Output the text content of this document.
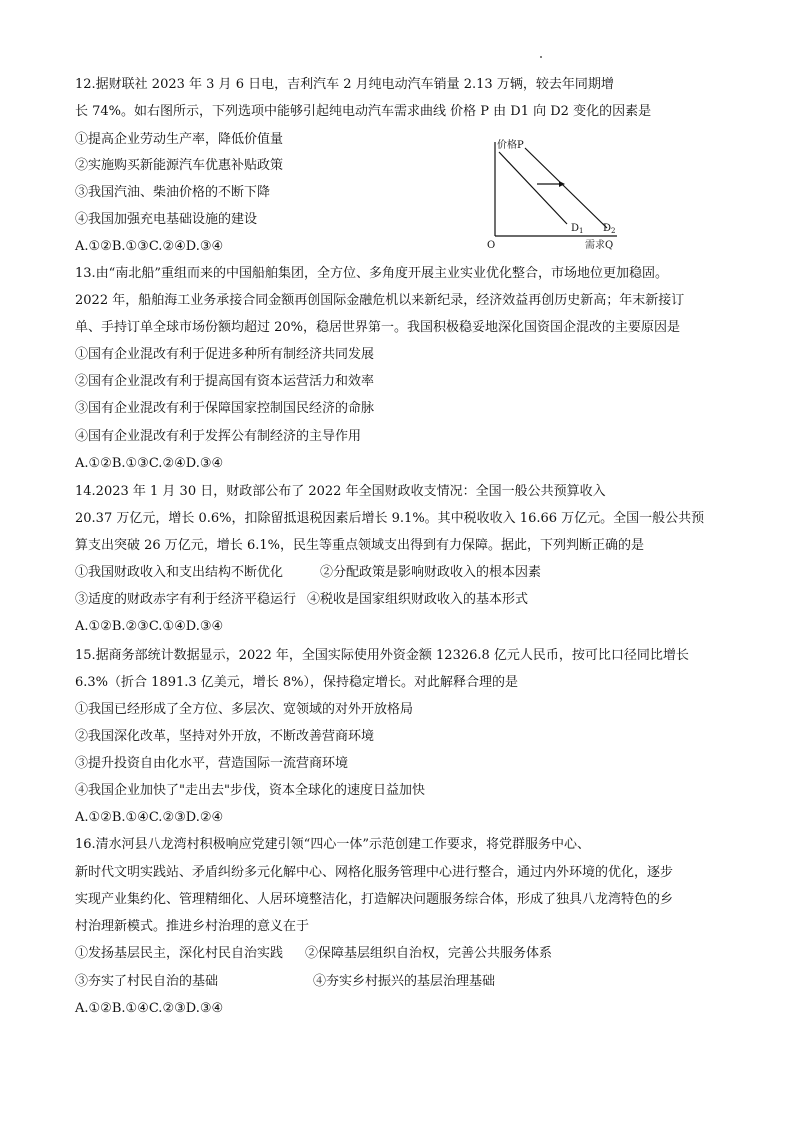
12.据财联社 2023 年 3 月 6 日电，吉利汽车 2 月纯电动汽车销量 2.13 万辆，较去年同期增
长 74%。如右图所示，下列选项中能够引起纯电动汽车需求曲线 价格 P 由 D1 向 D2 变化的因素是
①提高企业劳动生产率，降低价值量
②实施购买新能源汽车优惠补贴政策
③我国汽油、柴油价格的不断下降
④我国加强充电基础设施的建设
A.①②B.①③C.②④D.③④
价格P
O	需求Q
$D_1$ $D_2$
13.由“南北船”重组而来的中国船舶集团，全方位、多角度开展主业实业优化整合，市场地位更加稳固。
2022 年，船舶海工业务承接合同金额再创国际金融危机以来新纪录，经济效益再创历史新高；年末新接订
单、手持订单全球市场份额均超过 20%，稳居世界第一。我国积极稳妥地深化国资国企混改的主要原因是
①国有企业混改有利于促进多种所有制经济共同发展
②国有企业混改有利于提高国有资本运营活力和效率
③国有企业混改有利于保障国家控制国民经济的命脉
④国有企业混改有利于发挥公有制经济的主导作用
A.①②B.①③C.②④D.③④
14.2023 年 1 月 30 日，财政部公布了 2022 年全国财政收支情况：全国一般公共预算收入
20.37 万亿元，增长 0.6%，扣除留抵退税因素后增长 9.1%。其中税收收入 16.66 万亿元。全国一般公共预
算支出突破 26 万亿元，增长 6.1%，民生等重点领域支出得到有力保障。据此，下列判断正确的是
①我国财政收入和支出结构不断优化	②分配政策是影响财政收入的根本因素
③适度的财政赤字有利于经济平稳运行 ④税收是国家组织财政收入的基本形式
A.①②B.②③C.①④D.③④
15.据商务部统计数据显示，2022 年，全国实际使用外资金额 12326.8 亿元人民币，按可比口径同比增长
6.3%（折合 1891.3 亿美元，增长 8%），保持稳定增长。对此解释合理的是
①我国已经形成了全方位、多层次、宽领域的对外开放格局
②我国深化改革，坚持对外开放，不断改善营商环境
③提升投资自由化水平，营造国际一流营商环境
④我国企业加快了"走出去"步伐，资本全球化的速度日益加快
A.①②B.①④C.②③D.②④
16.清水河县八龙湾村积极响应党建引领“四心一体”示范创建工作要求，将党群服务中心、
新时代文明实践站、矛盾纠纷多元化解中心、网格化服务管理中心进行整合，通过内外环境的优化，逐步
实现产业集约化、管理精细化、人居环境整洁化，打造解决问题服务综合体，形成了独具八龙湾特色的乡
村治理新模式。推进乡村治理的意义在于
①发扬基层民主，深化村民自治实践 ②保障基层组织自治权，完善公共服务体系
③夯实了村民自治的基础	④夯实乡村振兴的基层治理基础
A.①②B.①④C.②③D.③④
